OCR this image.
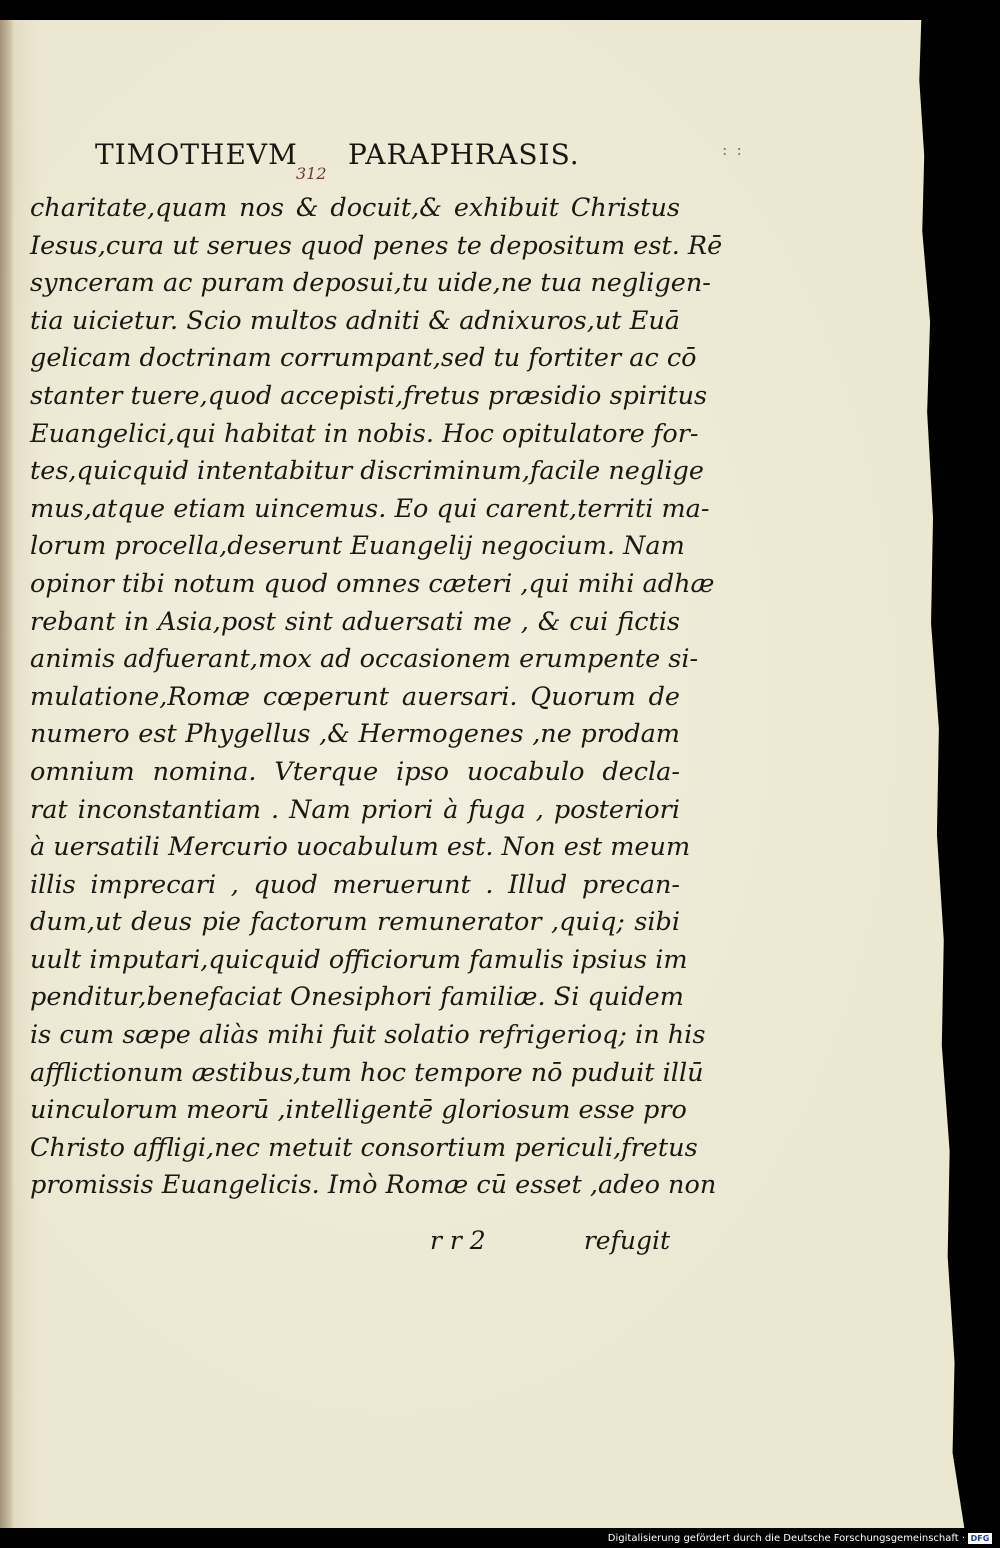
TIMOTHEVM PARAPHRASIS.
312
: :
charitate,quam nos & docuit,& exhibuit Christus
Iesus,cura ut serues quod penes te depositum est. Rē
synceram ac puram deposui,tu uide,ne tua negligen-
tia uicietur. Scio multos adniti & adnixuros,ut Euā
gelicam doctrinam corrumpant,sed tu fortiter ac cō
stanter tuere,quod accepisti,fretus præsidio spiritus
Euangelici,qui habitat in nobis. Hoc opitulatore for-
tes,quicquid intentabitur discriminum,facile neglige
mus,atque etiam uincemus. Eo qui carent,territi ma-
lorum procella,deserunt Euangelij negocium. Nam
opinor tibi notum quod omnes cæteri ,qui mihi adhæ
rebant in Asia,post sint aduersati me , & cui fictis
animis adfuerant,mox ad occasionem erumpente si-
mulatione,Romæ cœperunt auersari. Quorum de
numero est Phygellus ,& Hermogenes ,ne prodam
omnium nomina. Vterque ipso uocabulo decla-
rat inconstantiam . Nam priori à fuga , posteriori
à uersatili Mercurio uocabulum est. Non est meum
illis imprecari , quod meruerunt . Illud precan-
dum,ut deus pie factorum remunerator ,quiq; sibi
uult imputari,quicquid officiorum famulis ipsius im
penditur,benefaciat Onesiphori familiæ. Si quidem
is cum sæpe aliàs mihi fuit solatio refrigerioq; in his
afflictionum æstibus,tum hoc tempore nō puduit illū
uinculorum meorū ,intelligentē gloriosum esse pro
Christo affligi,nec metuit consortium periculi,fretus
promissis Euangelicis. Imò Romæ cū esset ,adeo non
r r 2	refugit
Digitalisierung gefördert durch die Deutsche Forschungsgemeinschaft · DFG
